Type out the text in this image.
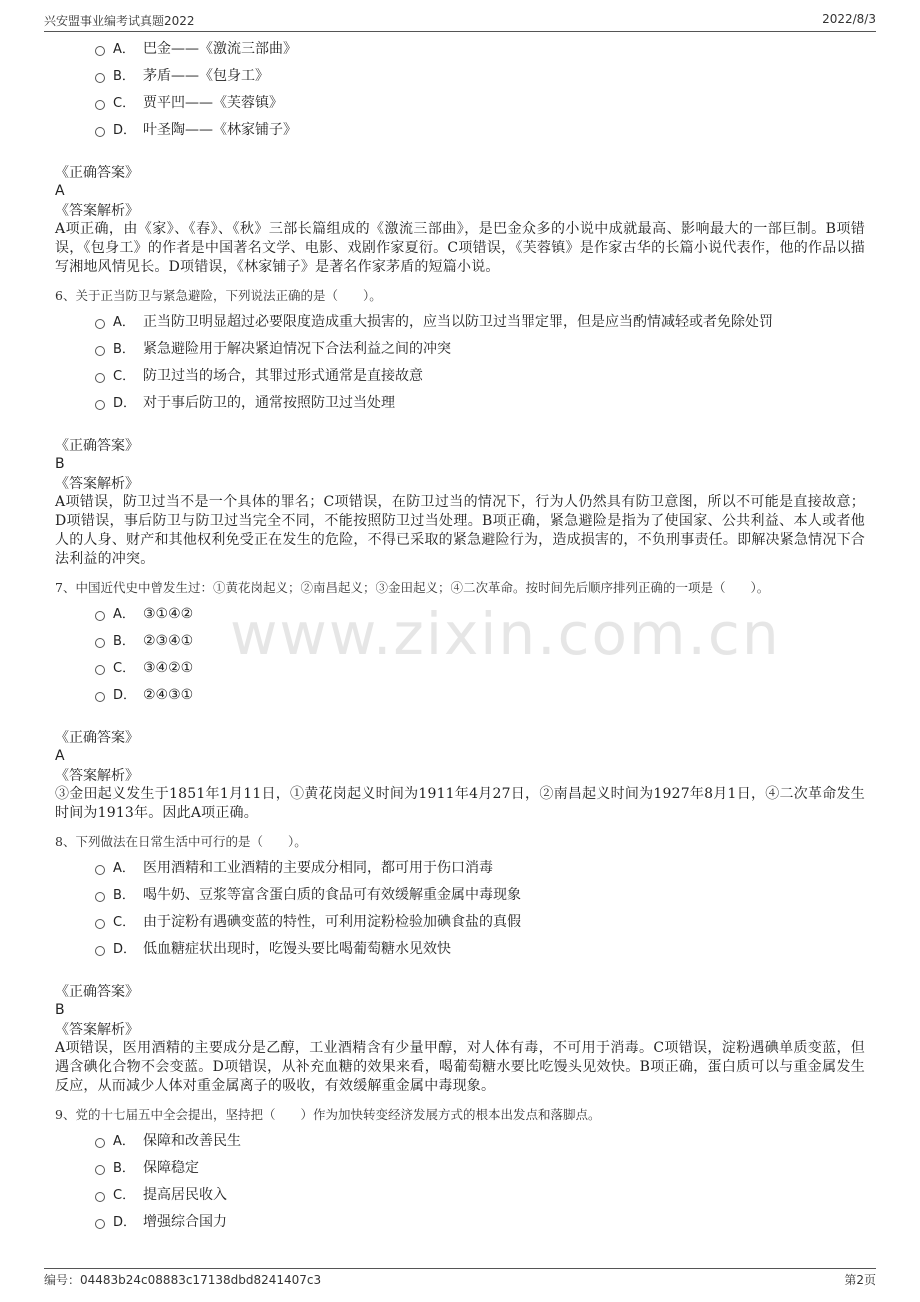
兴安盟事业编考试真题2022	2022/8/3
www.zixin.com.cn
A． 巴金——《激流三部曲》
B． 茅盾——《包身工》
C． 贾平凹——《芙蓉镇》
D． 叶圣陶——《林家铺子》
《正确答案》
A
《答案解析》
A项正确，由《家》、《春》、《秋》三部长篇组成的《激流三部曲》，是巴金众多的小说中成就最高、影响最大的一部巨制。B项错误，《包身工》的作者是中国著名文学、电影、戏剧作家夏衍。C项错误，《芙蓉镇》是作家古华的长篇小说代表作，他的作品以描写湘地风情见长。D项错误，《林家铺子》是著名作家茅盾的短篇小说。
6、关于正当防卫与紧急避险，下列说法正确的是（　　）。
A． 正当防卫明显超过必要限度造成重大损害的，应当以防卫过当罪定罪，但是应当酌情减轻或者免除处罚
B． 紧急避险用于解决紧迫情况下合法利益之间的冲突
C． 防卫过当的场合，其罪过形式通常是直接故意
D． 对于事后防卫的，通常按照防卫过当处理
《正确答案》
B
《答案解析》
A项错误，防卫过当不是一个具体的罪名；C项错误，在防卫过当的情况下，行为人仍然具有防卫意图，所以不可能是直接故意；D项错误，事后防卫与防卫过当完全不同，不能按照防卫过当处理。B项正确，紧急避险是指为了使国家、公共利益、本人或者他人的人身、财产和其他权利免受正在发生的危险，不得已采取的紧急避险行为，造成损害的，不负刑事责任。即解决紧急情况下合法利益的冲突。
7、中国近代史中曾发生过：①黄花岗起义；②南昌起义；③金田起义；④二次革命。按时间先后顺序排列正确的一项是（　　）。
A． ③①④②
B． ②③④①
C． ③④②①
D． ②④③①
《正确答案》
A
《答案解析》
③金田起义发生于1851年1月11日，①黄花岗起义时间为1911年4月27日，②南昌起义时间为1927年8月1日，④二次革命发生时间为1913年。因此A项正确。
8、下列做法在日常生活中可行的是（　　）。
A． 医用酒精和工业酒精的主要成分相同，都可用于伤口消毒
B． 喝牛奶、豆浆等富含蛋白质的食品可有效缓解重金属中毒现象
C． 由于淀粉有遇碘变蓝的特性，可利用淀粉检验加碘食盐的真假
D． 低血糖症状出现时，吃馒头要比喝葡萄糖水见效快
《正确答案》
B
《答案解析》
A项错误，医用酒精的主要成分是乙醇，工业酒精含有少量甲醇，对人体有毒，不可用于消毒。C项错误，淀粉遇碘单质变蓝，但遇含碘化合物不会变蓝。D项错误，从补充血糖的效果来看，喝葡萄糖水要比吃馒头见效快。B项正确，蛋白质可以与重金属发生反应，从而减少人体对重金属离子的吸收，有效缓解重金属中毒现象。
9、党的十七届五中全会提出，坚持把（　　）作为加快转变经济发展方式的根本出发点和落脚点。
A． 保障和改善民生
B． 保障稳定
C． 提高居民收入
D． 增强综合国力
编号：04483b24c08883c17138dbd8241407c3	第2页
